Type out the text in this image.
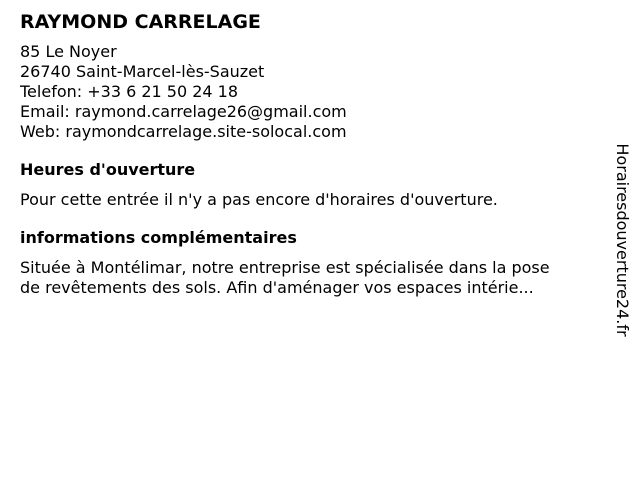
RAYMOND CARRELAGE
85 Le Noyer
26740 Saint-Marcel-lès-Sauzet
Telefon: +33 6 21 50 24 18
Email: raymond.carrelage26@gmail.com
Web: raymondcarrelage.site-solocal.com
Heures d'ouverture
Pour cette entrée il n'y a pas encore d'horaires d'ouverture.
informations complémentaires
Située à Montélimar, notre entreprise est spécialisée dans la pose
de revêtements des sols. Afin d'aménager vos espaces intérie...	Horairesdouverture24.fr
